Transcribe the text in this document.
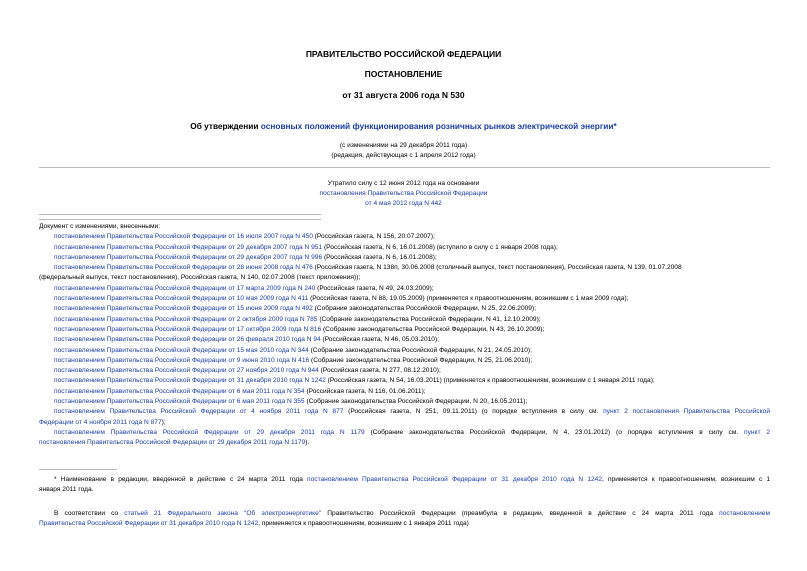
ПРАВИТЕЛЬСТВО РОССИЙСКОЙ ФЕДЕРАЦИИ
ПОСТАНОВЛЕНИЕ
от 31 августа 2006 года N 530
Об утверждении основных положений функционирования розничных рынков электрической энергии*
(с изменениями на 29 декабря 2011 года)
(редакция, действующая с 1 апреля 2012 года)
Утратило силу с 12 июня 2012 года на основании
постановления Правительства Российской Федерации
от 4 мая 2012 года N 442
Документ с изменениями, внесенными:
постановлением Правительства Российской Федерации от 16 июля 2007 года N 450 (Российская газета, N 156, 20.07.2007);
постановлением Правительства Российской Федерации от 29 декабря 2007 года N 951 (Российская газета, N 6, 16.01.2008) (вступило в силу с 1 января 2008 года);
постановлением Правительства Российской Федерации от 29 декабря 2007 года N 996 (Российская газета, N 6, 16.01.2008);
постановлением Правительства Российской Федерации от 28 июня 2008 года N 476 (Российская газета, N 138п, 30.06.2008 (столичный выпуск, текст постановления), Российская газета, N 139, 01.07.2008
(федеральный выпуск, текст постановления), Российская газета, N 140, 02.07.2008 (текст приложения));
постановлением Правительства Российской Федерации от 17 марта 2009 года N 240 (Российская газета, N 49, 24.03.2009);
постановлением Правительства Российской Федерации от 10 мая 2009 года N 411 (Российская газета, N 88, 19.05.2009) (применяется к правоотношениям, возникшим с 1 мая 2009 года);
постановлением Правительства Российской Федерации от 15 июня 2009 года N 492 (Собрание законодательства Российской Федерации, N 25, 22.06.2009);
постановлением Правительства Российской Федерации от 2 октября 2009 года N 785 (Собрание законодательства Российской Федерации, N 41, 12.10.2009);
постановлением Правительства Российской Федерации от 17 октября 2009 года N 816 (Собрание законодательства Российской Федерации, N 43, 26.10.2009);
постановлением Правительства Российской Федерации от 26 февраля 2010 года N 94 (Российская газета, N 46, 05.03.2010);
постановлением Правительства Российской Федерации от 15 мая 2010 года N 344 (Собрание законодательства Российской Федерации, N 21, 24.05.2010);
постановлением Правительства Российской Федерации от 9 июня 2010 года N 416 (Собрание законодательства Российской Федерации, N 25, 21.06.2010);
постановлением Правительства Российской Федерации от 27 ноября 2010 года N 944 (Российская газета, N 277, 08.12.2010);
постановлением Правительства Российской Федерации от 31 декабря 2010 года N 1242 (Российская газета, N 54, 16.03.2011) (применяется к правоотношениям, возникшим с 1 января 2011 года);
постановлением Правительства Российской Федерации от 6 мая 2011 года N 354 (Российская газета, N 116, 01.06.2011);
постановлением Правительства Российской Федерации от 6 мая 2011 года N 355 (Собрание законодательства Российской Федерации, N 20, 16.05.2011);
постановлением Правительства Российской Федерации от 4 ноября 2011 года N 877 (Российская газета, N 251, 09.11.2011) (о порядке вступления в силу см. пункт 2 постановления Правительства Российской
Федерации от 4 ноября 2011 года N 877);
постановлением Правительства Российской Федерации от 29 декабря 2011 года N 1179 (Собрание законодательства Российской Федерации, N 4, 23.01.2012) (о порядке вступления в силу см. пункт 2
постановления Правительства Российской Федерации от 29 декабря 2011 года N 1179).
* Наименование в редакции, введенной в действие с 24 марта 2011 года постановлением Правительства Российской Федерации от 31 декабря 2010 года N 1242, применяется к правоотношениям, возникшим с 1
января 2011 года.
В соответствии со статьей 21 Федерального закона "Об электроэнергетике" Правительство Российской Федерации (преамбула в редакции, введенной в действие с 24 марта 2011 года постановлением
Правительства Российской Федерации от 31 декабря 2010 года N 1242, применяется к правоотношениям, возникшим с 1 января 2011 года)
